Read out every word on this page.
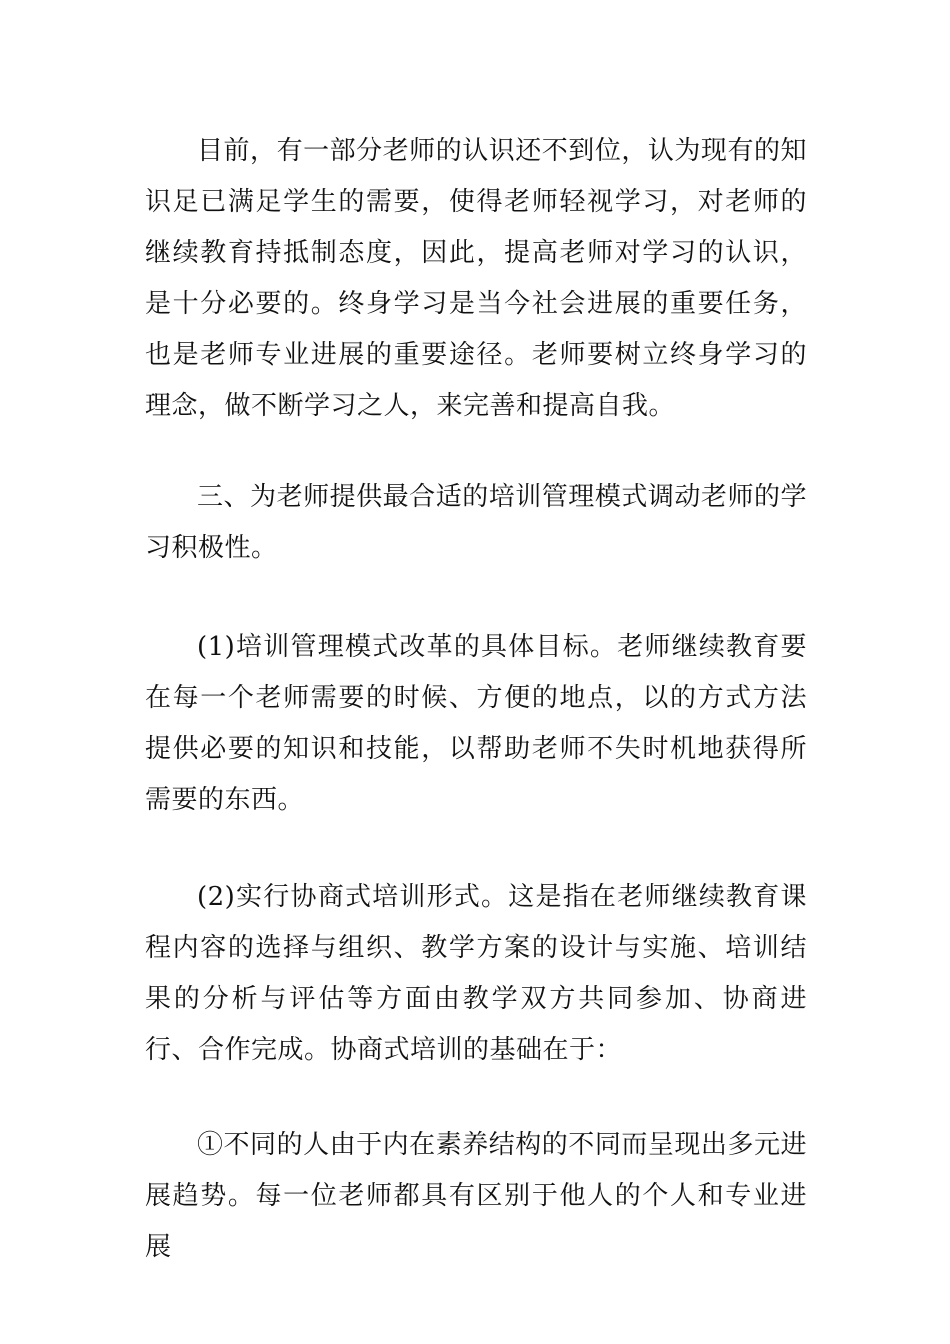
目前，有一部分老师的认识还不到位，认为现有的知识足已满足学生的需要，使得老师轻视学习，对老师的继续教育持抵制态度，因此，提高老师对学习的认识，是十分必要的。终身学习是当今社会进展的重要任务，也是老师专业进展的重要途径。老师要树立终身学习的理念，做不断学习之人，来完善和提高自我。

三、为老师提供最合适的培训管理模式调动老师的学习积极性。

(1)培训管理模式改革的具体目标。老师继续教育要在每一个老师需要的时候、方便的地点，以的方式方法提供必要的知识和技能，以帮助老师不失时机地获得所需要的东西。

(2)实行协商式培训形式。这是指在老师继续教育课程内容的选择与组织、教学方案的设计与实施、培训结果的分析与评估等方面由教学双方共同参加、协商进行、合作完成。协商式培训的基础在于：

①不同的人由于内在素养结构的不同而呈现出多元进展趋势。每一位老师都具有区别于他人的个人和专业进展
